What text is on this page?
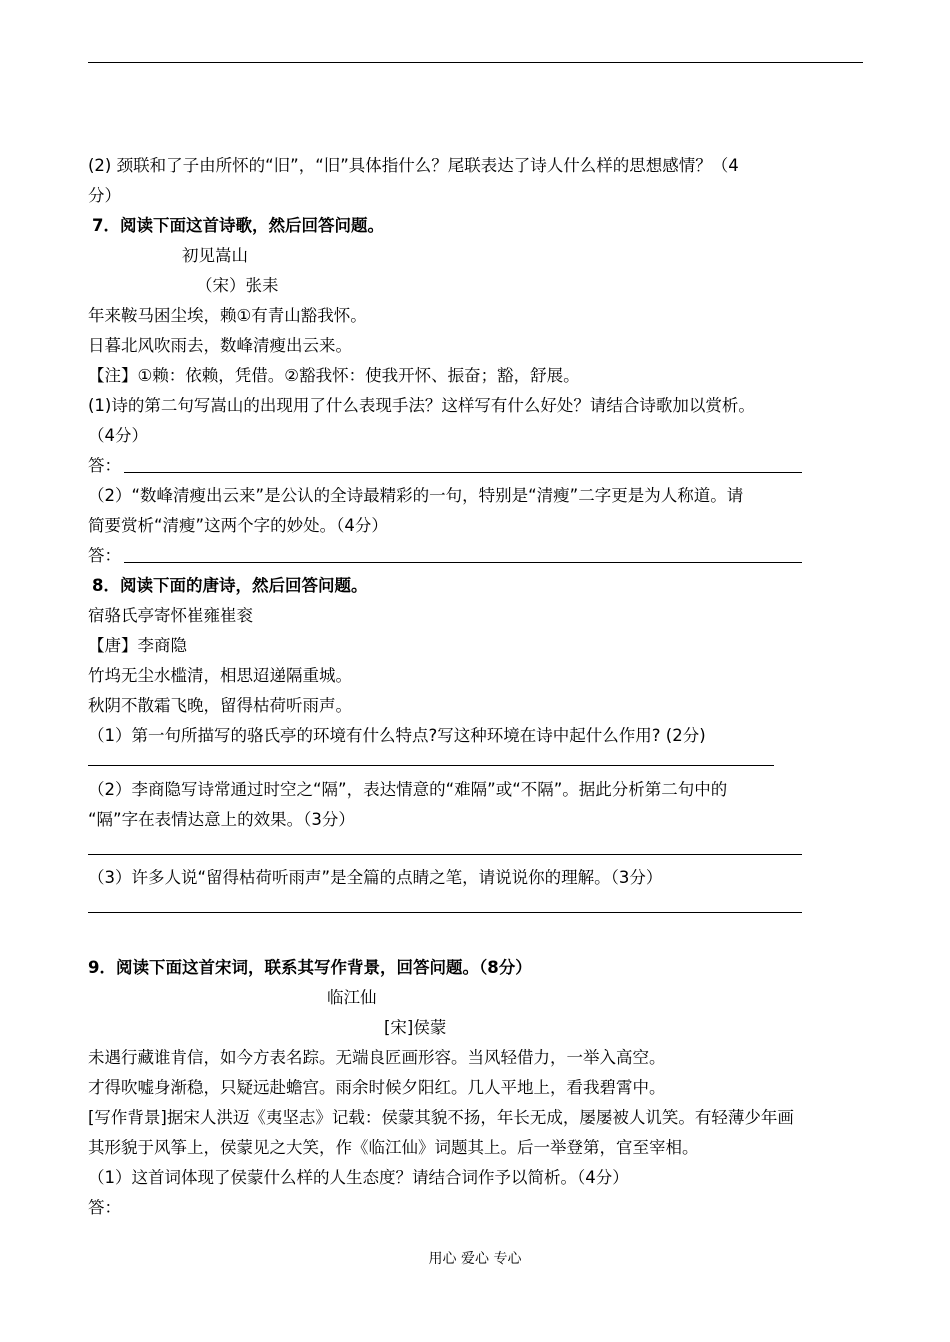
(2) 颈联和了子由所怀的“旧”，“旧”具体指什么？尾联表达了诗人什么样的思想感情？（4
分）
7．阅读下面这首诗歌，然后回答问题。
初见嵩山
（宋）张耒
年来鞍马困尘埃，赖①有青山豁我怀。
日暮北风吹雨去，数峰清瘦出云来。
【注】①赖：依赖，凭借。②豁我怀：使我开怀、振奋；豁，舒展。
(1)诗的第二句写嵩山的出现用了什么表现手法？这样写有什么好处？请结合诗歌加以赏析。
（4分）
答：
（2）“数峰清瘦出云来”是公认的全诗最精彩的一句，特别是“清瘦”二字更是为人称道。请
简要赏析“清瘦”这两个字的妙处。（4分）
答：
8．阅读下面的唐诗，然后回答问题。
宿骆氏亭寄怀崔雍崔衮
【唐】李商隐
竹坞无尘水槛清，相思迢递隔重城。
秋阴不散霜飞晚，留得枯荷听雨声。
（1）第一句所描写的骆氏亭的环境有什么特点?写这种环境在诗中起什么作用? (2分)
（2）李商隐写诗常通过时空之“隔”，表达情意的“难隔”或“不隔”。据此分析第二句中的
“隔”字在表情达意上的效果。（3分）
（3）许多人说“留得枯荷听雨声”是全篇的点睛之笔，请说说你的理解。（3分）
9．阅读下面这首宋词，联系其写作背景，回答问题。（8分）
临江仙
[宋]侯蒙
未遇行藏谁肯信，如今方表名踪。无端良匠画形容。当风轻借力，一举入高空。
才得吹嘘身渐稳，只疑远赴蟾宫。雨余时候夕阳红。几人平地上，看我碧霄中。
[写作背景]据宋人洪迈《夷坚志》记载：侯蒙其貌不扬，年长无成，屡屡被人讥笑。有轻薄少年画
其形貌于风筝上，侯蒙见之大笑，作《临江仙》词题其上。后一举登第，官至宰相。
（1）这首词体现了侯蒙什么样的人生态度？请结合词作予以简析。（4分）
答：
用心 爱心 专心
